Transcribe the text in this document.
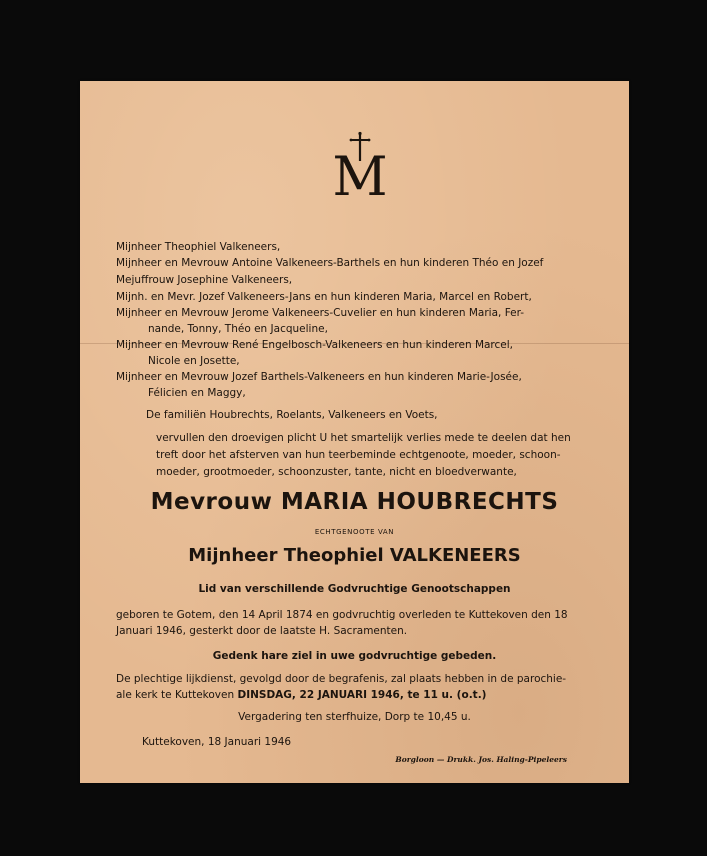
M
Mijnheer Theophiel Valkeneers,
Mijnheer en Mevrouw Antoine Valkeneers-Barthels en hun kinderen Théo en Jozef
Mejuffrouw Josephine Valkeneers,
Mijnh. en Mevr. Jozef Valkeneers-Jans en hun kinderen Maria, Marcel en Robert,
Mijnheer en Mevrouw Jerome Valkeneers-Cuvelier en hun kinderen Maria, Fer-
nande, Tonny, Théo en Jacqueline,
Mijnheer en Mevrouw René Engelbosch-Valkeneers en hun kinderen Marcel,
Nicole en Josette,
Mijnheer en Mevrouw Jozef Barthels-Valkeneers en hun kinderen Marie-Josée,
Félicien en Maggy,
De familiën Houbrechts, Roelants, Valkeneers en Voets,
vervullen den droevigen plicht U het smartelijk verlies mede te deelen dat hen
treft door het afsterven van hun teerbeminde echtgenoote, moeder, schoon-
moeder, grootmoeder, schoonzuster, tante, nicht en bloedverwante,
Mevrouw MARIA HOUBRECHTS
ECHTGENOOTE VAN
Mijnheer Theophiel VALKENEERS
Lid van verschillende Godvruchtige Genootschappen
geboren te Gotem, den 14 April 1874 en godvruchtig overleden te Kuttekoven den 18
Januari 1946, gesterkt door de laatste H. Sacramenten.
Gedenk hare ziel in uwe godvruchtige gebeden.
De plechtige lijkdienst, gevolgd door de begrafenis, zal plaats hebben in de parochie-
ale kerk te Kuttekoven DINSDAG, 22 JANUARI 1946, te 11 u. (o.t.)
Vergadering ten sterfhuize, Dorp te 10,45 u.
Kuttekoven, 18 Januari 1946
Borgloon — Drukk. Jos. Haling-Pipeleers
